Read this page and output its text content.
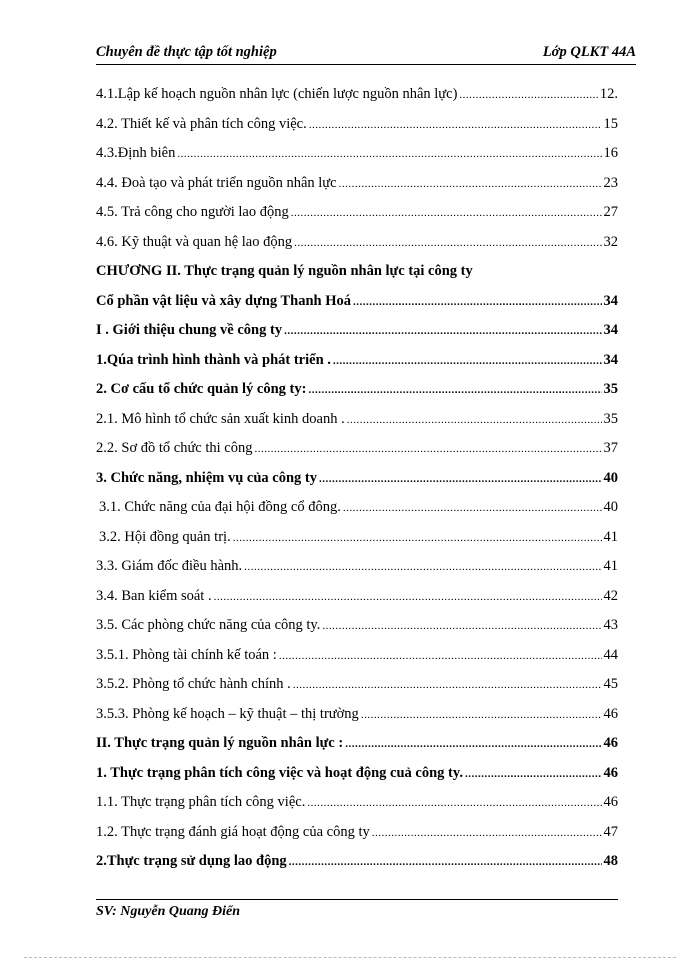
Chuyên đề thực tập tốt nghiệp	Lớp QLKT 44A
4.1.Lập kế hoạch nguồn nhân lực (chiến lược nguồn nhân lực) .....	12.
4.2. Thiết kế và phân tích công việc. .....	15
4.3.Định biên .....	16
4.4. Đoà tạo và phát triển nguồn nhân lực .....	23
4.5. Trả công cho người lao động .....	27
4.6. Kỹ thuật và quan hệ lao động .....	32
CHƯƠNG II. Thực trạng quản lý nguồn nhân lực tại công ty
Cổ phần vật liệu và xây dựng Thanh Hoá .....	34
I . Giới thiệu chung về công ty .....	34
1.Qúa trình hình thành và phát triển . .....	34
2. Cơ cấu tổ chức quản lý công ty: .....	35
2.1. Mô hình tổ chức sản xuất kinh doanh . .....	35
2.2. Sơ đồ tổ chức thi công .....	37
3. Chức năng, nhiệm vụ của công ty .....	40
3.1. Chức năng của đại hội đồng cổ đông. .....	40
3.2. Hội đồng quản trị. .....	41
3.3. Giám đốc điều hành. .....	41
3.4. Ban kiểm soát . .....	42
3.5. Các phòng chức năng của công ty. .....	43
3.5.1. Phòng tài chính kế toán : .....	44
3.5.2. Phòng tổ chức hành chính . .....	45
3.5.3. Phòng kế hoạch – kỹ thuật – thị trường .....	46
II. Thực trạng quản lý nguồn nhân lực : .....	46
1. Thực trạng phân tích công việc và hoạt động cuả công ty. .....	46
1.1. Thực trạng phân tích công việc. .....	46
1.2. Thực trạng đánh giá hoạt động của công ty .....	47
2.Thực trạng sử dụng lao động .....	48
SV: Nguyễn Quang Điển
